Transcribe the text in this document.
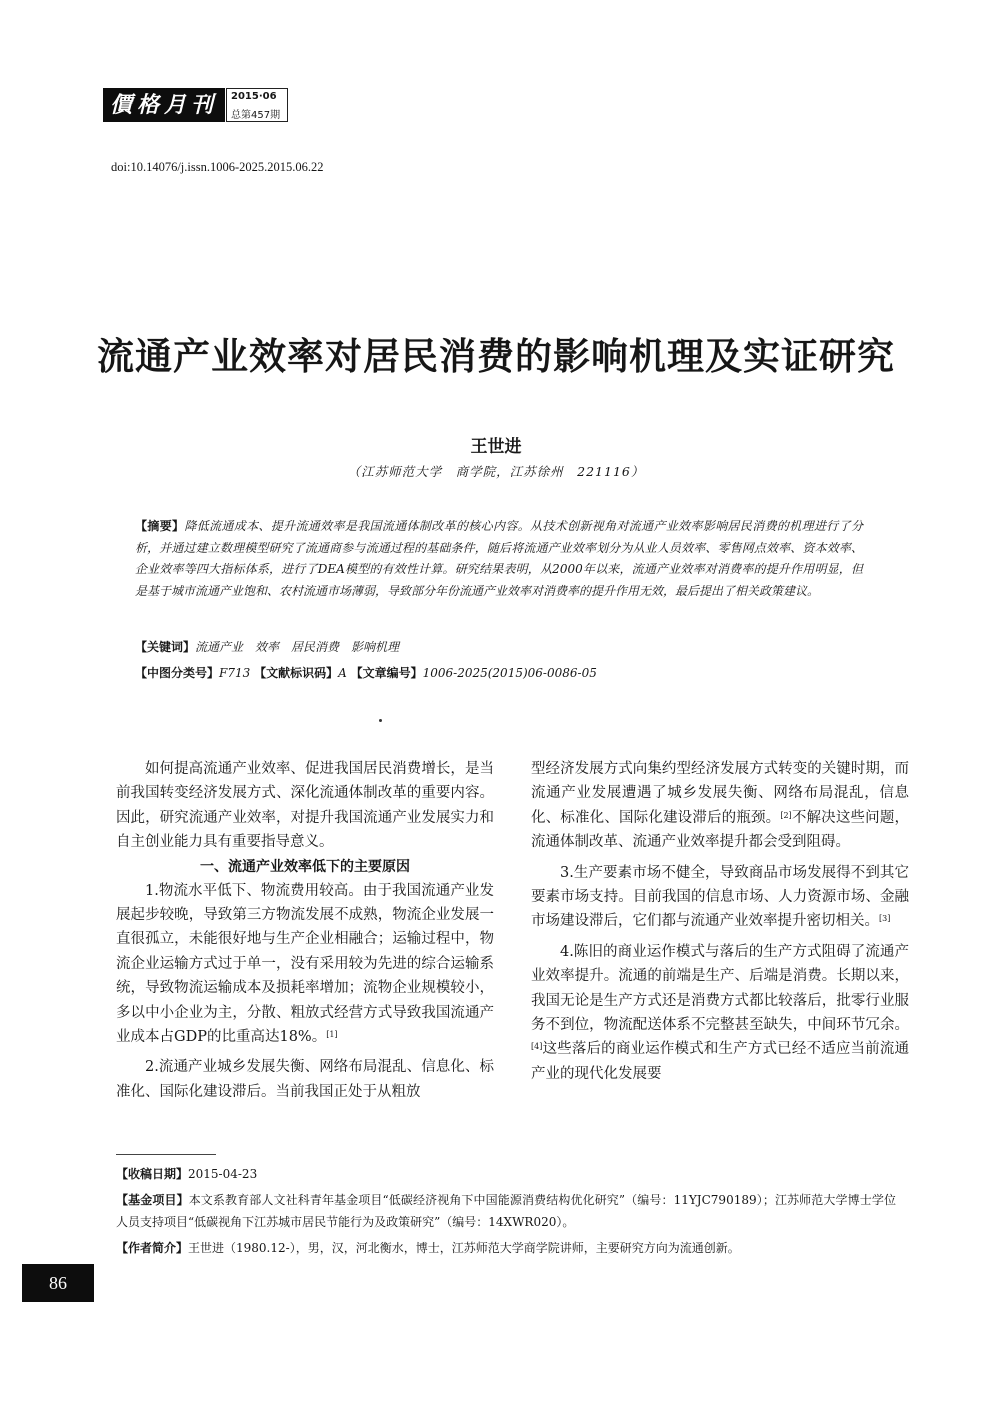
價格月刊	2015·06
总第457期
doi:10.14076/j.issn.1006-2025.2015.06.22
流通产业效率对居民消费的影响机理及实证研究
王世进
（江苏师范大学　商学院，江苏徐州　221116）
【摘要】降低流通成本、提升流通效率是我国流通体制改革的核心内容。从技术创新视角对流通产业效率影响居民消费的机理进行了分析，并通过建立数理模型研究了流通商参与流通过程的基础条件，随后将流通产业效率划分为从业人员效率、零售网点效率、资本效率、企业效率等四大指标体系，进行了DEA模型的有效性计算。研究结果表明，从2000年以来，流通产业效率对消费率的提升作用明显，但是基于城市流通产业饱和、农村流通市场薄弱，导致部分年份流通产业效率对消费率的提升作用无效，最后提出了相关政策建议。
【关键词】流通产业　效率　居民消费　影响机理
【中图分类号】F713 【文献标识码】A 【文章编号】1006-2025(2015)06-0086-05

如何提高流通产业效率、促进我国居民消费增长，是当前我国转变经济发展方式、深化流通体制改革的重要内容。因此，研究流通产业效率，对提升我国流通产业发展实力和自主创业能力具有重要指导意义。

一、流通产业效率低下的主要原因

1.物流水平低下、物流费用较高。由于我国流通产业发展起步较晚，导致第三方物流发展不成熟，物流企业发展一直很孤立，未能很好地与生产企业相融合；运输过程中，物流企业运输方式过于单一，没有采用较为先进的综合运输系统，导致物流运输成本及损耗率增加；流物企业规模较小，多以中小企业为主，分散、粗放式经营方式导致我国流通产业成本占GDP的比重高达18%。[1]

2.流通产业城乡发展失衡、网络布局混乱、信息化、标准化、国际化建设滞后。当前我国正处于从粗放

型经济发展方式向集约型经济发展方式转变的关键时期，而流通产业发展遭遇了城乡发展失衡、网络布局混乱，信息化、标准化、国际化建设滞后的瓶颈。[2]不解决这些问题，流通体制改革、流通产业效率提升都会受到阻碍。

3.生产要素市场不健全，导致商品市场发展得不到其它要素市场支持。目前我国的信息市场、人力资源市场、金融市场建设滞后，它们都与流通产业效率提升密切相关。[3]

4.陈旧的商业运作模式与落后的生产方式阻碍了流通产业效率提升。流通的前端是生产、后端是消费。长期以来，我国无论是生产方式还是消费方式都比较落后，批零行业服务不到位，物流配送体系不完整甚至缺失，中间环节冗余。[4]这些落后的商业运作模式和生产方式已经不适应当前流通产业的现代化发展要

【收稿日期】2015-04-23
【基金项目】本文系教育部人文社科青年基金项目“低碳经济视角下中国能源消费结构优化研究”（编号：11YJC790189）；江苏师范大学博士学位人员支持项目“低碳视角下江苏城市居民节能行为及政策研究”（编号：14XWR020）。
【作者简介】王世进（1980.12-），男，汉，河北衡水，博士，江苏师范大学商学院讲师，主要研究方向为流通创新。
86
